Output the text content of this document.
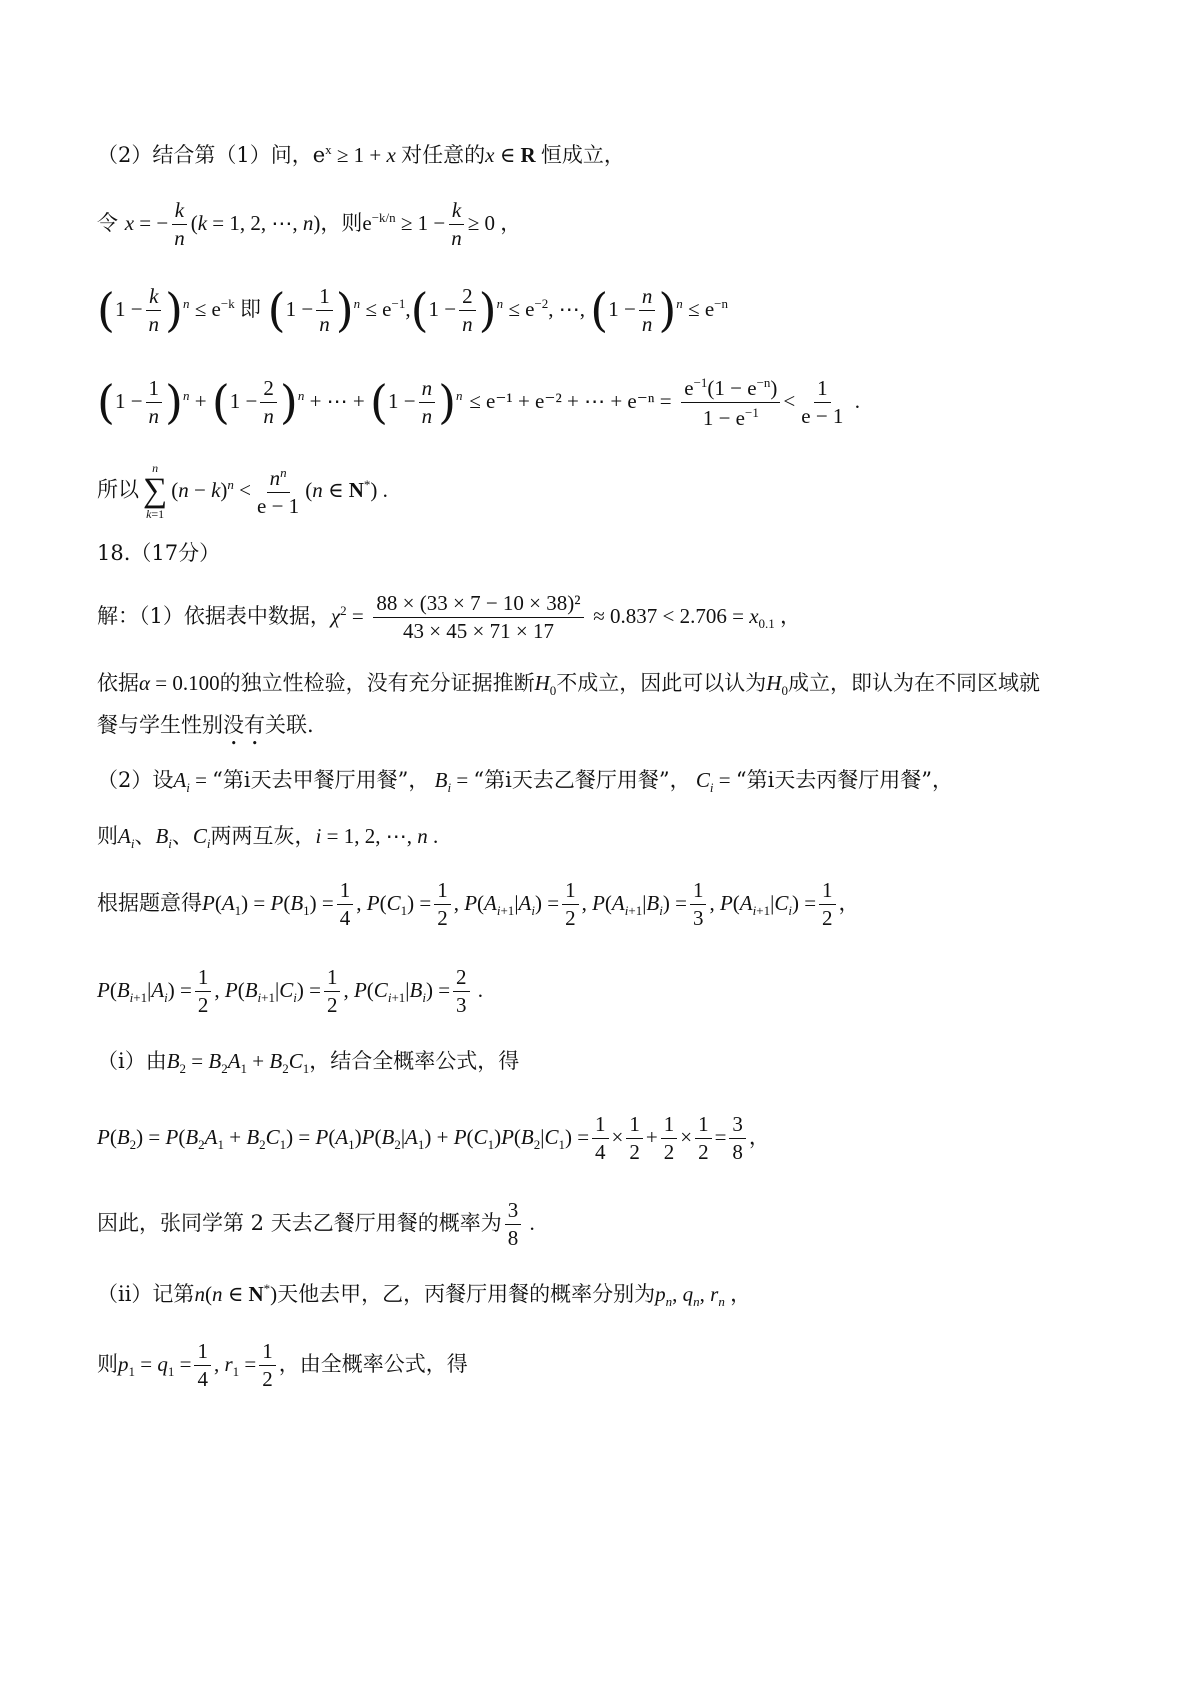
（2）结合第（1）问，$e^x \ge 1 + x$ 对任意的x ∈ R 恒成立，
令 x = − $\frac{k}{n} (k = 1$, 2, ⋯, n)，则$e^{-k/n} \ge 1 - \frac{k}{n} \ge 0$ ，
$(1 - \frac{k}{n} )^n \le e^{-k}$ 即 $(1 - \frac{1}{n} )^n \le e^{-1},(1 - \frac{2}{n} )^n \le e^{-2}$, ⋯, $(1 - \frac{n}{n} )^n \le e^{-n}$
$(1 - \frac{1}{n} )^n + (1 - \frac{2}{n} )^n$ + ⋯ + $(1 - \frac{n}{n} )^n \le e^{-1} + e^{-2}$ + ⋯ + $e^{-n} = \frac{e^{-1}(1 - e^{-n})}{1 - e^{-1}} < \frac{1}{e - 1}$ .
所以
n
∑
k=1
$(n - k)^n < \frac{n^n}{e - 1} (n$ ∈ N*) .
18.（17分）
解：（1）依据表中数据，$\chi^2 = \frac{\text{88 × (33 × 7 − 10 × 38)²}}{43 \times 45 \times 71 \times 17} \approx 0.837 < 2.706 = x_{0.1}$ ，
依据α = 0.100的独立性检验，没有充分证据推断$H_0$不成立，因此可以认为$H_0$成立，即认为在不同区域就
餐与学生性别没有关联.
（2）设$A_i$ = “第i天去甲餐厅用餐”， $B_i$ = “第i天去乙餐厅用餐”， $C_i$ = “第i天去丙餐厅用餐”，
则$A_i$、$B_i$、$C_i$两两互灰，i = 1, 2, ⋯, n .
根据题意得$P(A_1) = P(B_1) = \frac{1}{4}$ , $P(C_1) = \frac{1}{2}$ , $P(A_{i+1}|A_i) = \frac{1}{2}$ , $P(A_{i+1}|B_i) = \frac{1}{3}$ , $P(A_{i+1}|C_i) = \frac{1}{2}$ ，
$P(B_{i+1}|A_i) = \frac{1}{2}$ , $P(B_{i+1}|C_i) = \frac{1}{2}$ , $P(C_{i+1}|B_i) = \frac{2}{3}$ .
（ⅰ）由$B_2 = B_2A_1 + B_2C_1$，结合全概率公式，得
$P(B_2) = P(B_2A_1 + B_2C_1) = P(A_1)P(B_2|A_1) + P(C_1)P(B_2|C_1) = \frac{1}{4} \times \frac{1}{2} + \frac{1}{2} \times \frac{1}{2} = \frac{3}{8}$ ，
因此，张同学第 2 天去乙餐厅用餐的概率为 $\frac{3}{8}$ .
（ⅱ）记第n(n ∈ N*)天他去甲，乙，丙餐厅用餐的概率分别为$p_n$, $q_n$, $r_n$ ，
则$p_1 = q_1 = \frac{1}{4}$ , $r_1 = \frac{1}{2}$ ，由全概率公式，得
